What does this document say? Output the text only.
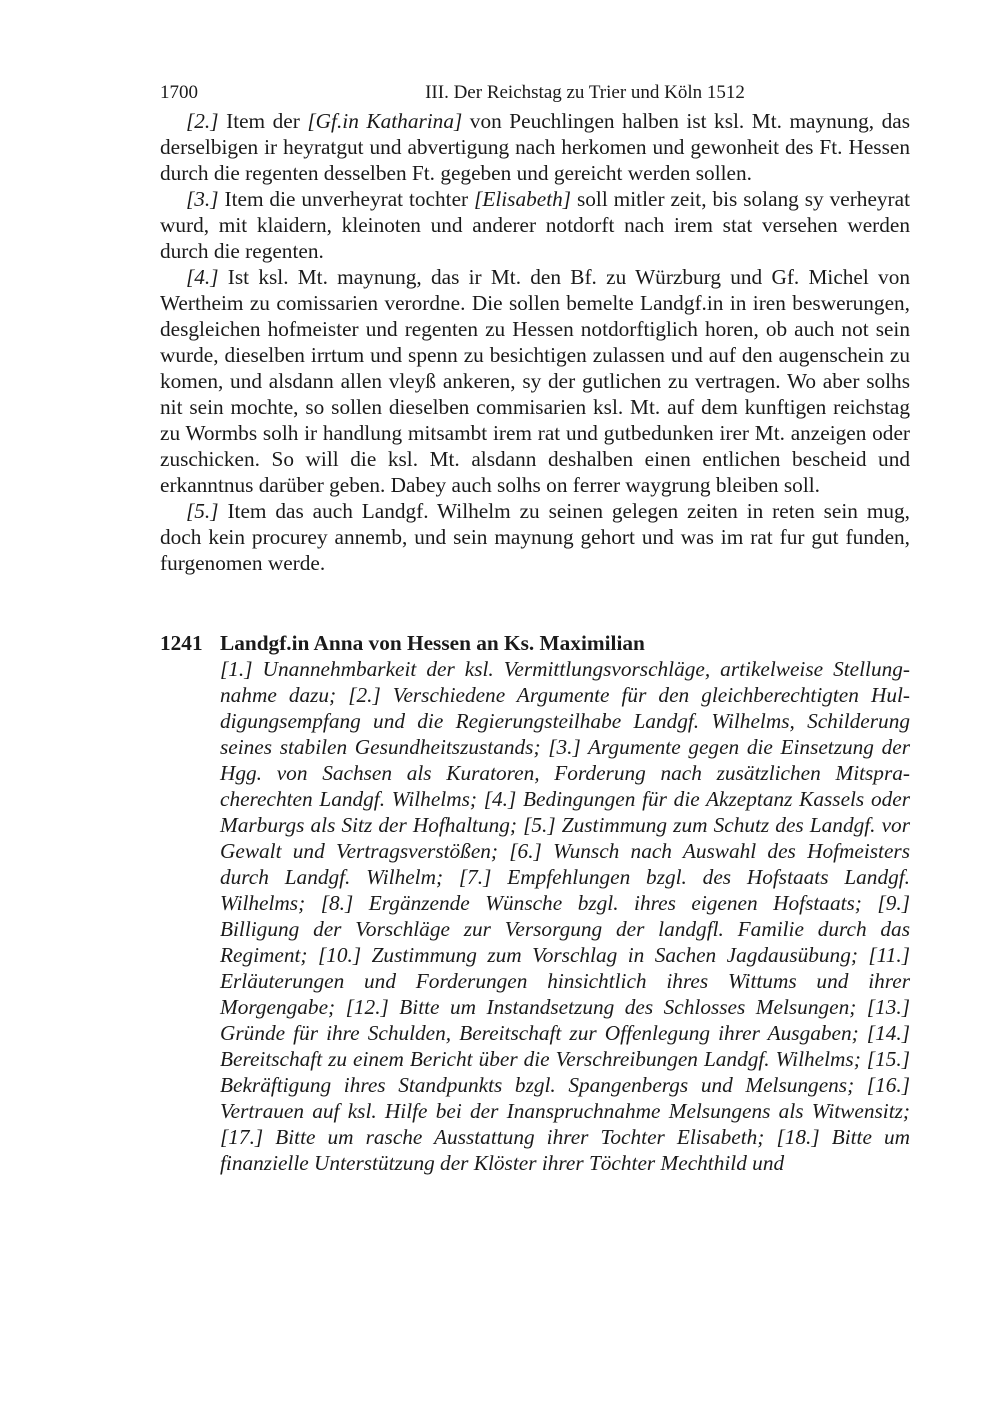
1700	III. Der Reichstag zu Trier und Köln 1512

[2.] Item der [Gf.in Katharina] von Peuchlingen halben ist ksl. Mt. maynung, das derselbigen ir heyratgut und abvertigung nach herkomen und gewonheit des Ft. Hessen durch die regenten desselben Ft. gegeben und gereicht werden sollen.

[3.] Item die unverheyrat tochter [Elisabeth] soll mitler zeit, bis solang sy verheyrat wurd, mit klaidern, kleinoten und anderer notdorft nach irem stat versehen werden durch die regenten.

[4.] Ist ksl. Mt. maynung, das ir Mt. den Bf. zu Würzburg und Gf. Michel von Wertheim zu comissarien verordne. Die sollen bemelte Landgf.in in iren beswerungen, desgleichen hofmeister und regenten zu Hessen notdorftiglich horen, ob auch not sein wurde, dieselben irrtum und spenn zu besichtigen zulassen und auf den augenschein zu komen, und alsdann allen vleyß ankeren, sy der gutlichen zu vertragen. Wo aber solhs nit sein mochte, so sollen dieselben commisarien ksl. Mt. auf dem kunftigen reichstag zu Wormbs solh ir handlung mitsambt irem rat und gutbedunken irer Mt. anzeigen oder zuschicken. So will die ksl. Mt. alsdann deshalben einen entlichen bescheid und erkanntnus darüber geben. Dabey auch solhs on ferrer waygrung bleiben soll.

[5.] Item das auch Landgf. Wilhelm zu seinen gelegen zeiten in reten sein mug, doch kein procurey annemb, und sein maynung gehort und was im rat fur gut funden, furgenomen werde.

1241 Landgf.in Anna von Hessen an Ks. Maximilian
[1.] Unannehmbarkeit der ksl. Vermittlungsvorschläge, artikelweise Stellungnahme dazu; [2.] Verschiedene Argumente für den gleichberechtigten Huldigungsempfang und die Regierungsteilhabe Landgf. Wilhelms, Schilderung seines stabilen Gesundheitszustands; [3.] Argumente gegen die Einsetzung der Hgg. von Sachsen als Kuratoren, Forderung nach zusätzlichen Mitspracherechten Landgf. Wilhelms; [4.] Bedingungen für die Akzeptanz Kassels oder Marburgs als Sitz der Hofhaltung; [5.] Zustimmung zum Schutz des Landgf. vor Gewalt und Vertragsverstößen; [6.] Wunsch nach Auswahl des Hofmeisters durch Landgf. Wilhelm; [7.] Empfehlungen bzgl. des Hofstaats Landgf. Wilhelms; [8.] Ergänzende Wünsche bzgl. ihres eigenen Hofstaats; [9.] Billigung der Vorschläge zur Versorgung der landgfl. Familie durch das Regiment; [10.] Zustimmung zum Vorschlag in Sachen Jagdausübung; [11.] Erläuterungen und Forderungen hinsichtlich ihres Wittums und ihrer Morgengabe; [12.] Bitte um Instandsetzung des Schlosses Melsungen; [13.] Gründe für ihre Schulden, Bereitschaft zur Offenlegung ihrer Ausgaben; [14.] Bereitschaft zu einem Bericht über die Verschreibungen Landgf. Wilhelms; [15.] Bekräftigung ihres Standpunkts bzgl. Spangenbergs und Melsungens; [16.] Vertrauen auf ksl. Hilfe bei der Inanspruchnahme Melsungens als Witwensitz; [17.] Bitte um rasche Ausstattung ihrer Tochter Elisabeth; [18.] Bitte um finanzielle Unterstützung der Klöster ihrer Töchter Mechthild und
